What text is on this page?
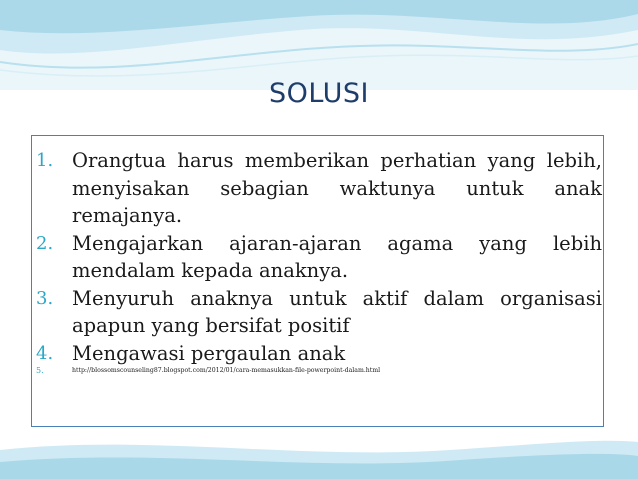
SOLUSI
1. Orangtua harus memberikan perhatian yang lebih, menyisakan sebagian waktunya untuk anak remajanya.
2. Mengajarkan ajaran-ajaran agama yang lebih mendalam kepada anaknya.
3. Menyuruh anaknya untuk aktif dalam organisasi apapun yang bersifat positif
4. Mengawasi pergaulan anak
5.	http://blossomscounseling87.blogspot.com/2012/01/cara-memasukkan-file-powerpoint-dalam.html
